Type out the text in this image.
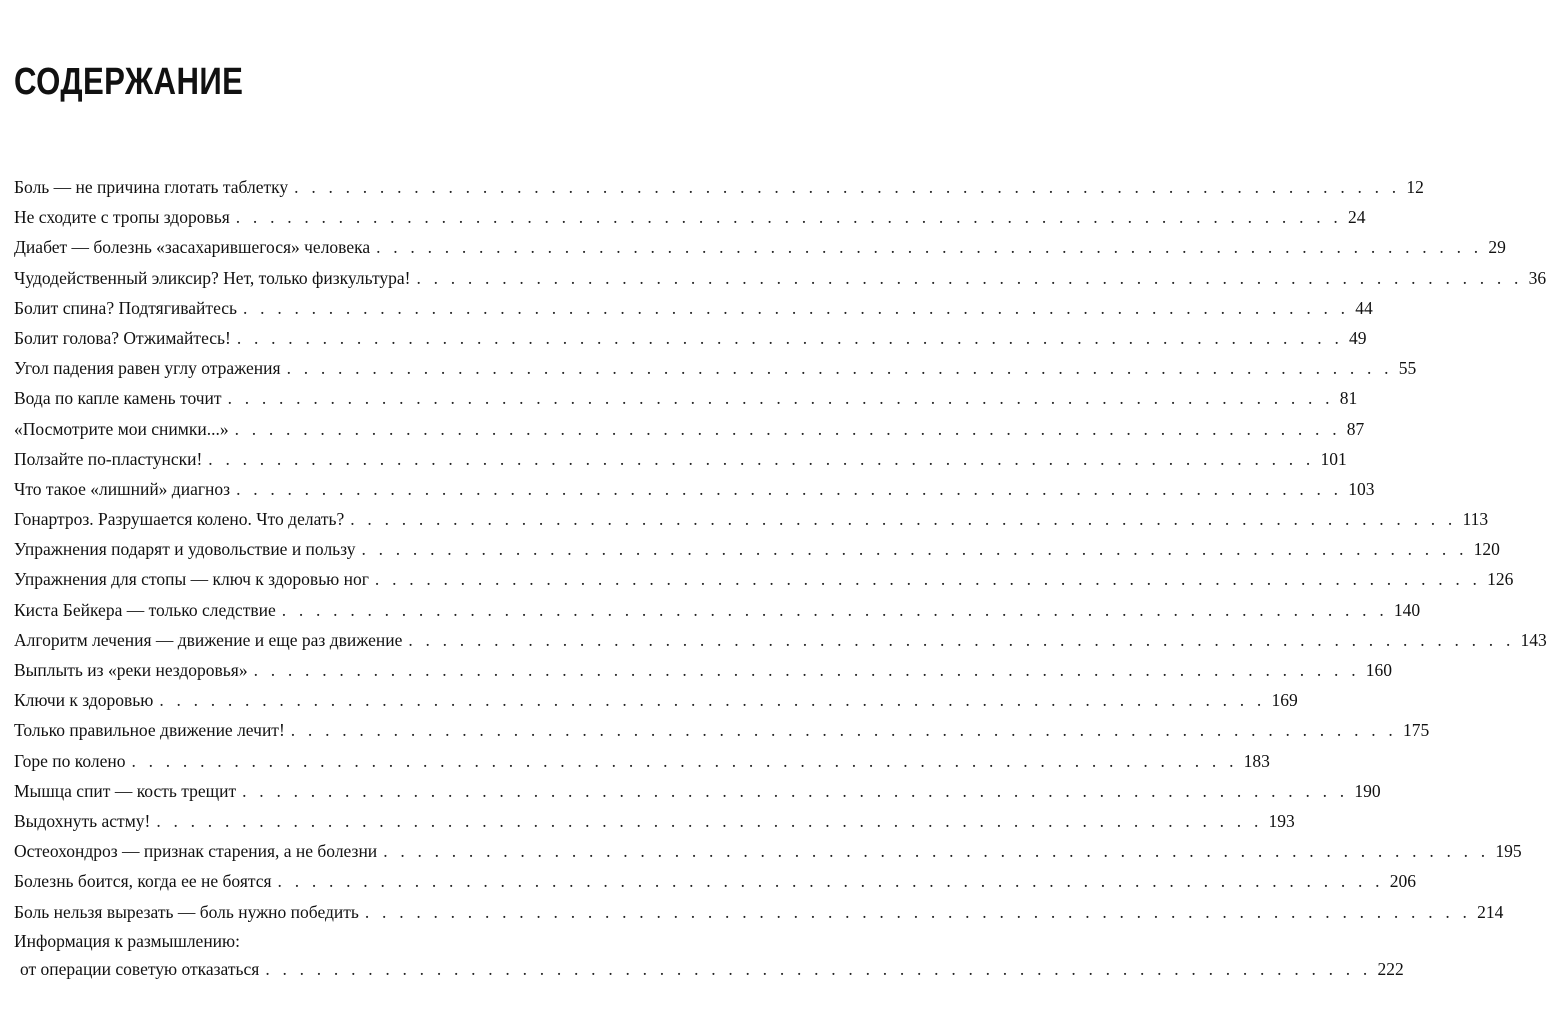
СОДЕРЖАНИЕ
Боль — не причина глотать таблетку . . .	12
Не сходите с тропы здоровья . . .	24
Диабет — болезнь «засахарившегося» человека . . .	29
Чудодейственный эликсир? Нет, только физкультура! . . .	36
Болит спина? Подтягивайтесь . . .	44
Болит голова? Отжимайтесь! . . .	49
Угол падения равен углу отражения . . .	55
Вода по капле камень точит . . .	81
«Посмотрите мои снимки...» . . .	87
Ползайте по-пластунски! . . .	101
Что такое «лишний» диагноз . . .	103
Гонартроз. Разрушается колено. Что делать? . . .	113
Упражнения подарят и удовольствие и пользу . . .	120
Упражнения для стопы — ключ к здоровью ног . . .	126
Киста Бейкера — только следствие . . .	140
Алгоритм лечения — движение и еще раз движение . . .	143
Выплыть из «реки нездоровья» . . .	160
Ключи к здоровью . . .	169
Только правильное движение лечит! . . .	175
Горе по колено . . .	183
Мышца спит — кость трещит . . .	190
Выдохнуть астму! . . .	193
Остеохондроз — признак старения, а не болезни . . .	195
Болезнь боится, когда ее не боятся . . .	206
Боль нельзя вырезать — боль нужно победить . . .	214
Информация к размышлению:
от операции советую отказаться . . .	222
